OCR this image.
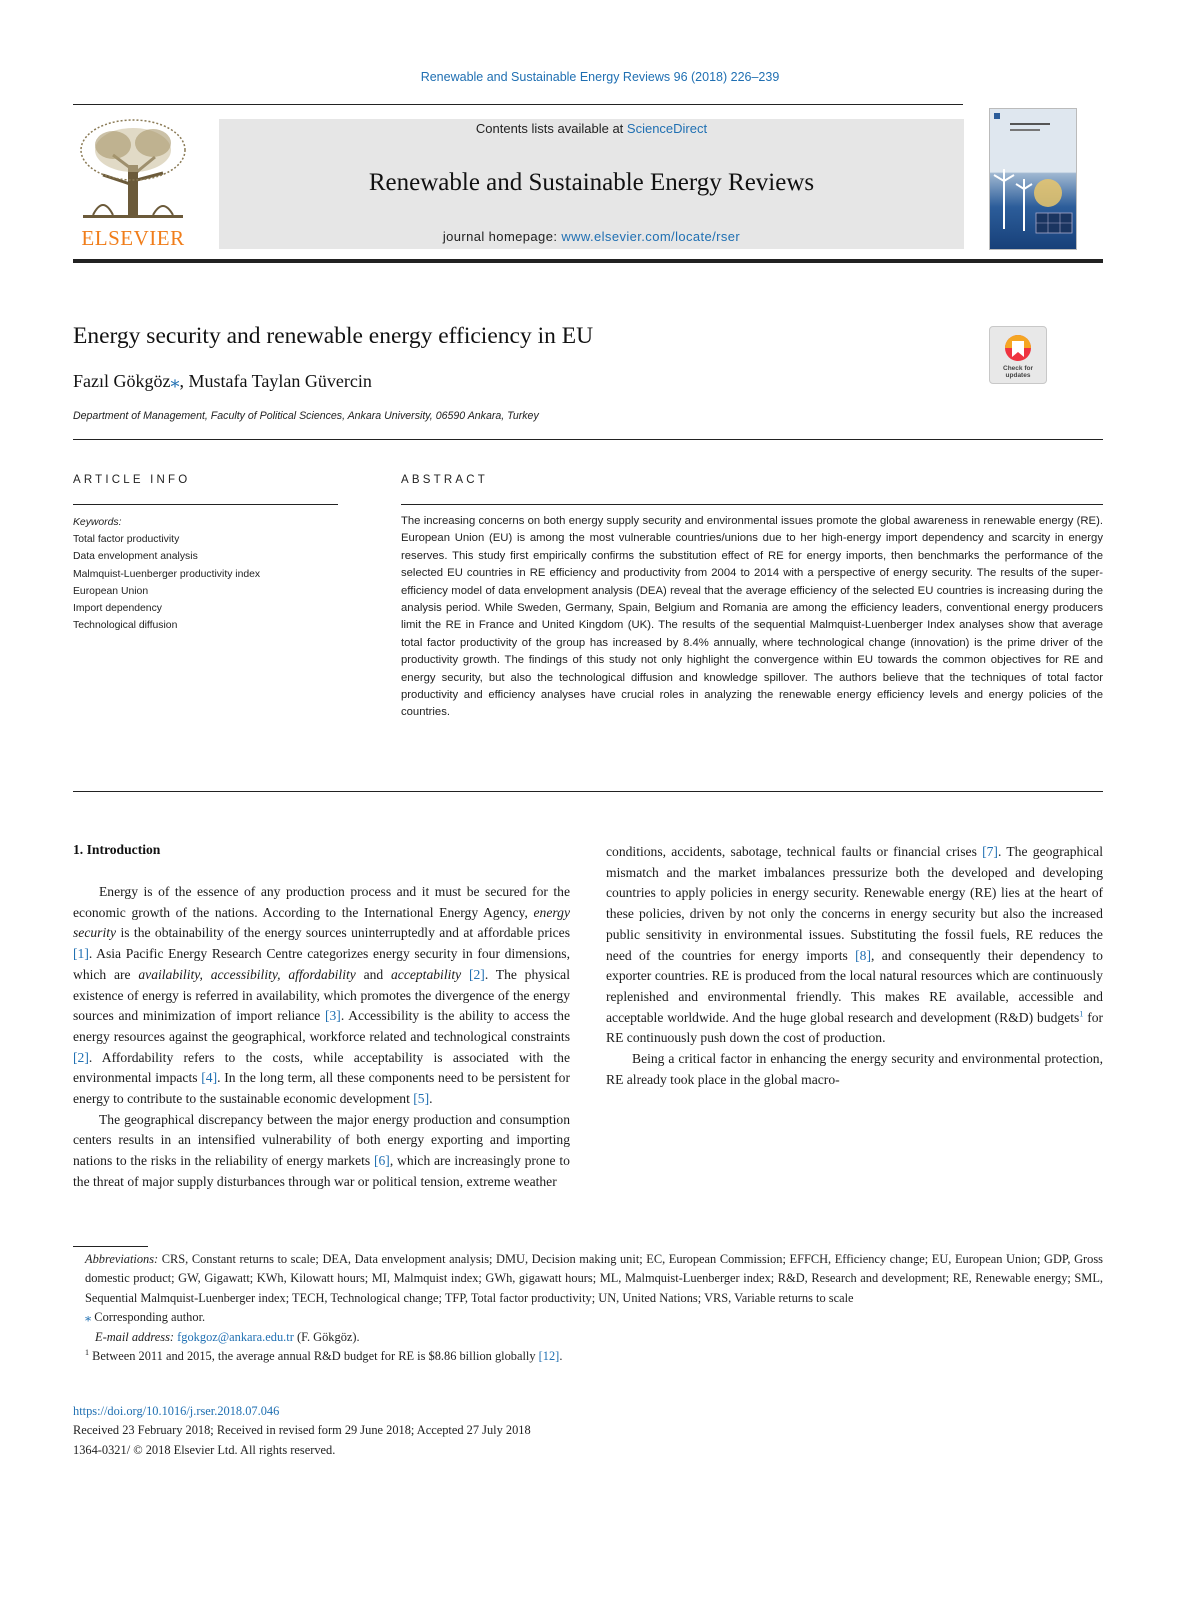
Renewable and Sustainable Energy Reviews 96 (2018) 226–239
ELSEVIER
Contents lists available at ScienceDirect
Renewable and Sustainable Energy Reviews
journal homepage: www.elsevier.com/locate/rser
Energy security and renewable energy efficiency in EU
Fazıl Gökgöz⁎, Mustafa Taylan Güvercin
Department of Management, Faculty of Political Sciences, Ankara University, 06590 Ankara, Turkey
Check for updates
ARTICLE INFO
Keywords:
Total factor productivity
Data envelopment analysis
Malmquist-Luenberger productivity index
European Union
Import dependency
Technological diffusion
ABSTRACT
The increasing concerns on both energy supply security and environmental issues promote the global awareness in renewable energy (RE). European Union (EU) is among the most vulnerable countries/unions due to her high-energy import dependency and scarcity in energy reserves. This study first empirically confirms the substitution effect of RE for energy imports, then benchmarks the performance of the selected EU countries in RE efficiency and productivity from 2004 to 2014 with a perspective of energy security. The results of the super-efficiency model of data envelopment analysis (DEA) reveal that the average efficiency of the selected EU countries is increasing during the analysis period. While Sweden, Germany, Spain, Belgium and Romania are among the efficiency leaders, conventional energy producers limit the RE in France and United Kingdom (UK). The results of the sequential Malmquist-Luenberger Index analyses show that average total factor productivity of the group has increased by 8.4% annually, where technological change (innovation) is the prime driver of the productivity growth. The findings of this study not only highlight the convergence within EU towards the common objectives for RE and energy security, but also the technological diffusion and knowledge spillover. The authors believe that the techniques of total factor productivity and efficiency analyses have crucial roles in analyzing the renewable energy efficiency levels and energy policies of the countries.
1. Introduction

Energy is of the essence of any production process and it must be secured for the economic growth of the nations. According to the International Energy Agency, energy security is the obtainability of the energy sources uninterruptedly and at affordable prices [1]. Asia Pacific Energy Research Centre categorizes energy security in four dimensions, which are availability, accessibility, affordability and acceptability [2]. The physical existence of energy is referred in availability, which promotes the divergence of the energy sources and minimization of import reliance [3]. Accessibility is the ability to access the energy resources against the geographical, workforce related and technological constraints [2]. Affordability refers to the costs, while acceptability is associated with the environmental impacts [4]. In the long term, all these components need to be persistent for energy to contribute to the sustainable economic development [5].

The geographical discrepancy between the major energy production and consumption centers results in an intensified vulnerability of both energy exporting and importing nations to the risks in the reliability of energy markets [6], which are increasingly prone to the threat of major supply disturbances through war or political tension, extreme weather

conditions, accidents, sabotage, technical faults or financial crises [7]. The geographical mismatch and the market imbalances pressurize both the developed and developing countries to apply policies in energy security. Renewable energy (RE) lies at the heart of these policies, driven by not only the concerns in energy security but also the increased public sensitivity in environmental issues. Substituting the fossil fuels, RE reduces the need of the countries for energy imports [8], and consequently their dependency to exporter countries. RE is produced from the local natural resources which are continuously replenished and environmental friendly. This makes RE available, accessible and acceptable worldwide. And the huge global research and development (R&D) budgets$^1$ for RE continuously push down the cost of production.

Being a critical factor in enhancing the energy security and environmental protection, RE already took place in the global macro-

Abbreviations: CRS, Constant returns to scale; DEA, Data envelopment analysis; DMU, Decision making unit; EC, European Commission; EFFCH, Efficiency change; EU, European Union; GDP, Gross domestic product; GW, Gigawatt; KWh, Kilowatt hours; MI, Malmquist index; GWh, gigawatt hours; ML, Malmquist-Luenberger index; R&D, Research and development; RE, Renewable energy; SML, Sequential Malmquist-Luenberger index; TECH, Technological change; TFP, Total factor productivity; UN, United Nations; VRS, Variable returns to scale
⁎ Corresponding author.
E-mail address: fgokgoz@ankara.edu.tr (F. Gökgöz).
$^1$ Between 2011 and 2015, the average annual R&D budget for RE is $8.86 billion globally [12].
https://doi.org/10.1016/j.rser.2018.07.046
Received 23 February 2018; Received in revised form 29 June 2018; Accepted 27 July 2018
1364-0321/ © 2018 Elsevier Ltd. All rights reserved.
